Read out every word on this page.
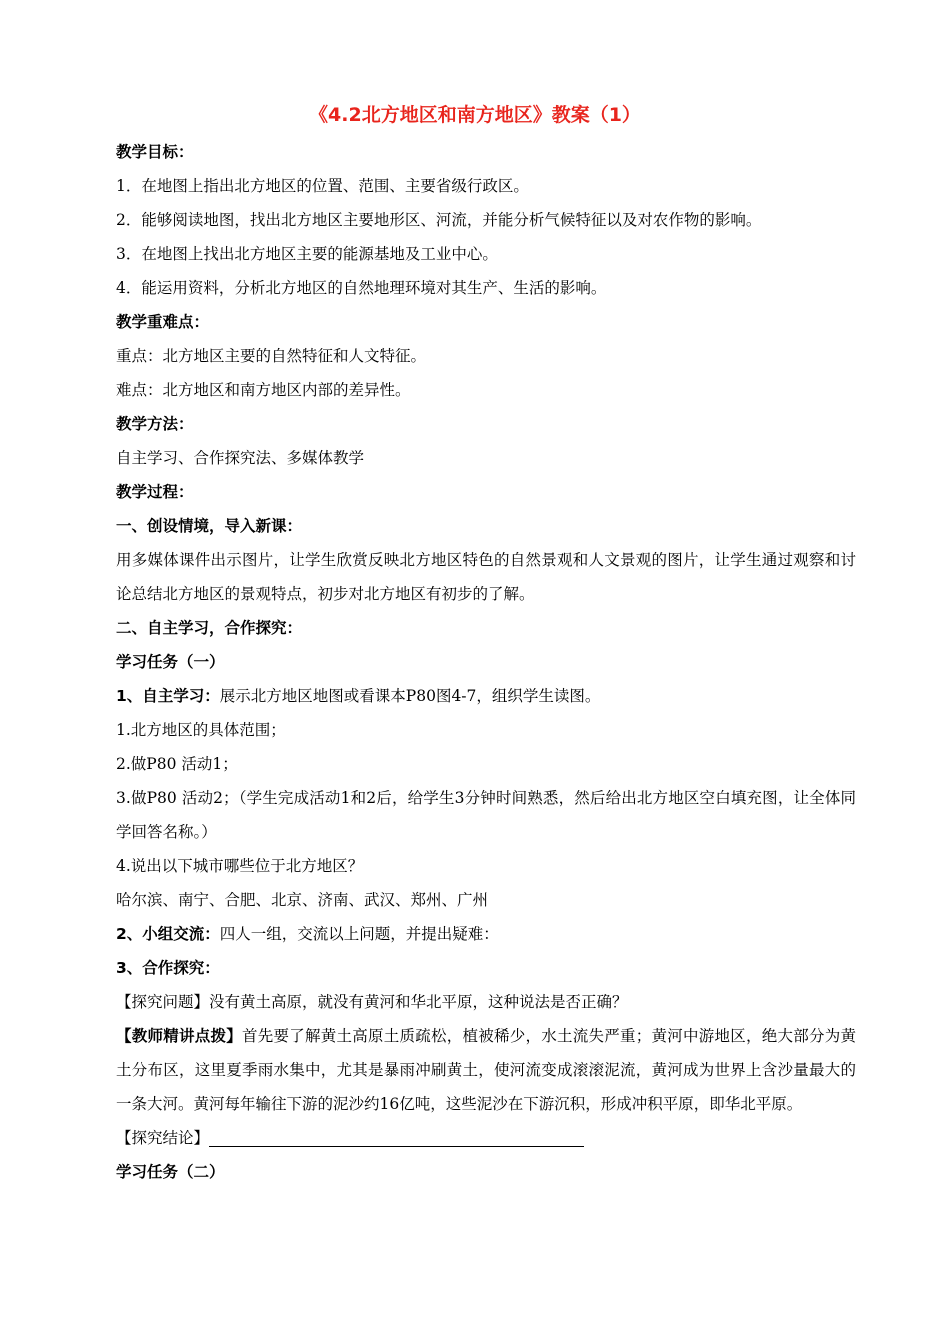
《4.2北方地区和南方地区》教案（1）
教学目标：
1．在地图上指出北方地区的位置、范围、主要省级行政区。
2．能够阅读地图，找出北方地区主要地形区、河流，并能分析气候特征以及对农作物的影响。
3．在地图上找出北方地区主要的能源基地及工业中心。
4．能运用资料，分析北方地区的自然地理环境对其生产、生活的影响。
教学重难点：
重点：北方地区主要的自然特征和人文特征。
难点：北方地区和南方地区内部的差异性。
教学方法：
自主学习、合作探究法、多媒体教学
教学过程：
一、创设情境，导入新课：
用多媒体课件出示图片，让学生欣赏反映北方地区特色的自然景观和人文景观的图片，让学生通过观察和讨论总结北方地区的景观特点，初步对北方地区有初步的了解。
二、自主学习，合作探究：
学习任务（一）
1、自主学习：展示北方地区地图或看课本P80图4-7，组织学生读图。
1.北方地区的具体范围；
2.做P80 活动1；
3.做P80 活动2；（学生完成活动1和2后，给学生3分钟时间熟悉，然后给出北方地区空白填充图，让全体同学回答名称。）
4.说出以下城市哪些位于北方地区？
哈尔滨、南宁、合肥、北京、济南、武汉、郑州、广州
2、小组交流：四人一组，交流以上问题，并提出疑难：
3、合作探究：
【探究问题】没有黄土高原，就没有黄河和华北平原，这种说法是否正确？
【教师精讲点拨】首先要了解黄土高原土质疏松，植被稀少，水土流失严重；黄河中游地区，绝大部分为黄土分布区，这里夏季雨水集中，尤其是暴雨冲刷黄土，使河流变成滚滚泥流，黄河成为世界上含沙量最大的一条大河。黄河每年输往下游的泥沙约16亿吨，这些泥沙在下游沉积，形成冲积平原，即华北平原。
【探究结论】
学习任务（二）
